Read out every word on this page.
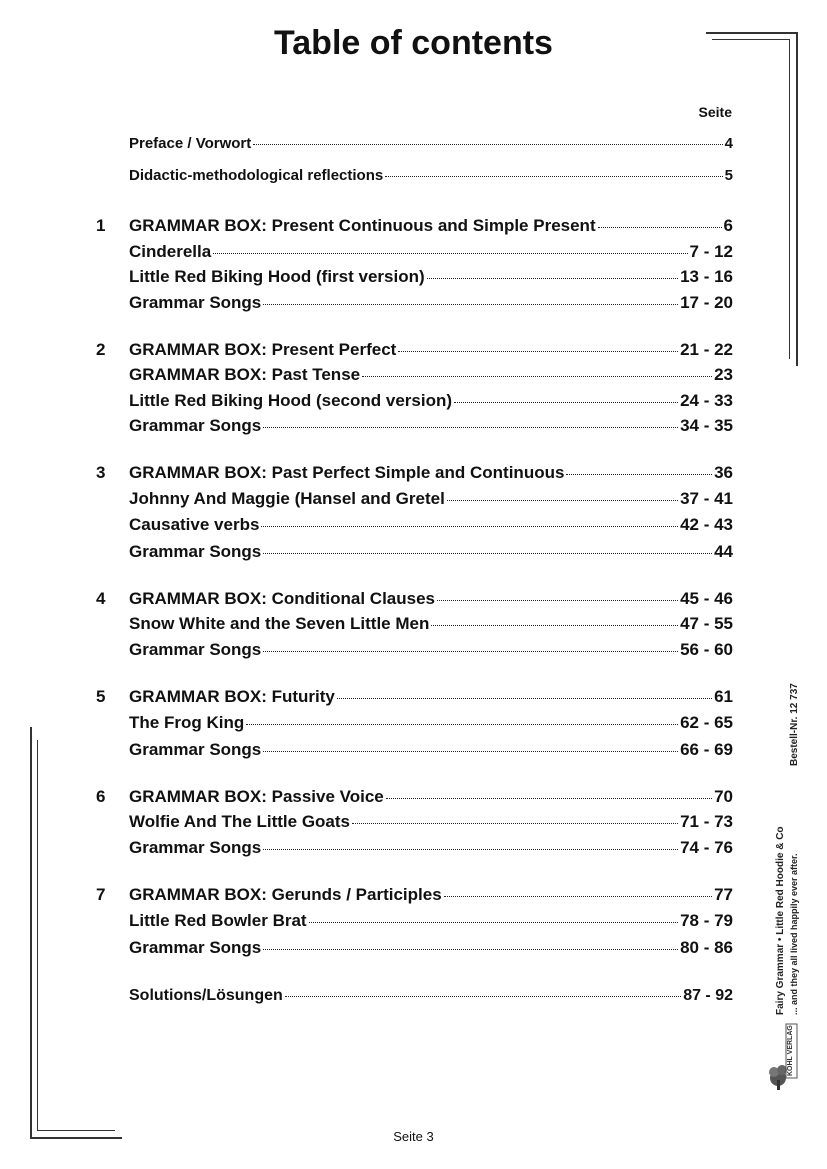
Table of contents
Seite
Preface / Vorwort	4
Didactic-methodological reflections	5
1	GRAMMAR BOX: Present Continuous and Simple Present	6
Cinderella	7 - 12
Little Red Biking Hood (first version)	13 - 16
Grammar Songs	17 - 20
2	GRAMMAR BOX: Present Perfect	21 - 22
GRAMMAR BOX: Past Tense	23
Little Red Biking Hood (second version)	24 - 33
Grammar Songs	34 - 35
3	GRAMMAR BOX: Past Perfect Simple and Continuous	36
Johnny And Maggie (Hansel and Gretel	37 - 41
Causative verbs	42 - 43
Grammar Songs	44
4	GRAMMAR BOX: Conditional Clauses	45 - 46
Snow White and the Seven Little Men	47 - 55
Grammar Songs	56 - 60
5	GRAMMAR BOX: Futurity	61
The Frog King	62 - 65
Grammar Songs	66 - 69
6	GRAMMAR BOX: Passive Voice	70
Wolfie And The Little Goats	71 - 73
Grammar Songs	74 - 76
7	GRAMMAR BOX: Gerunds / Participles	77
Little Red Bowler Brat	78 - 79
Grammar Songs	80 - 86
Solutions/Lösungen	87 - 92
Seite 3
Bestell-Nr. 12 737
Fairy Grammar • Little Red Hoodie & Co ... and they all lived happily ever after.
KOHL VERLAG
